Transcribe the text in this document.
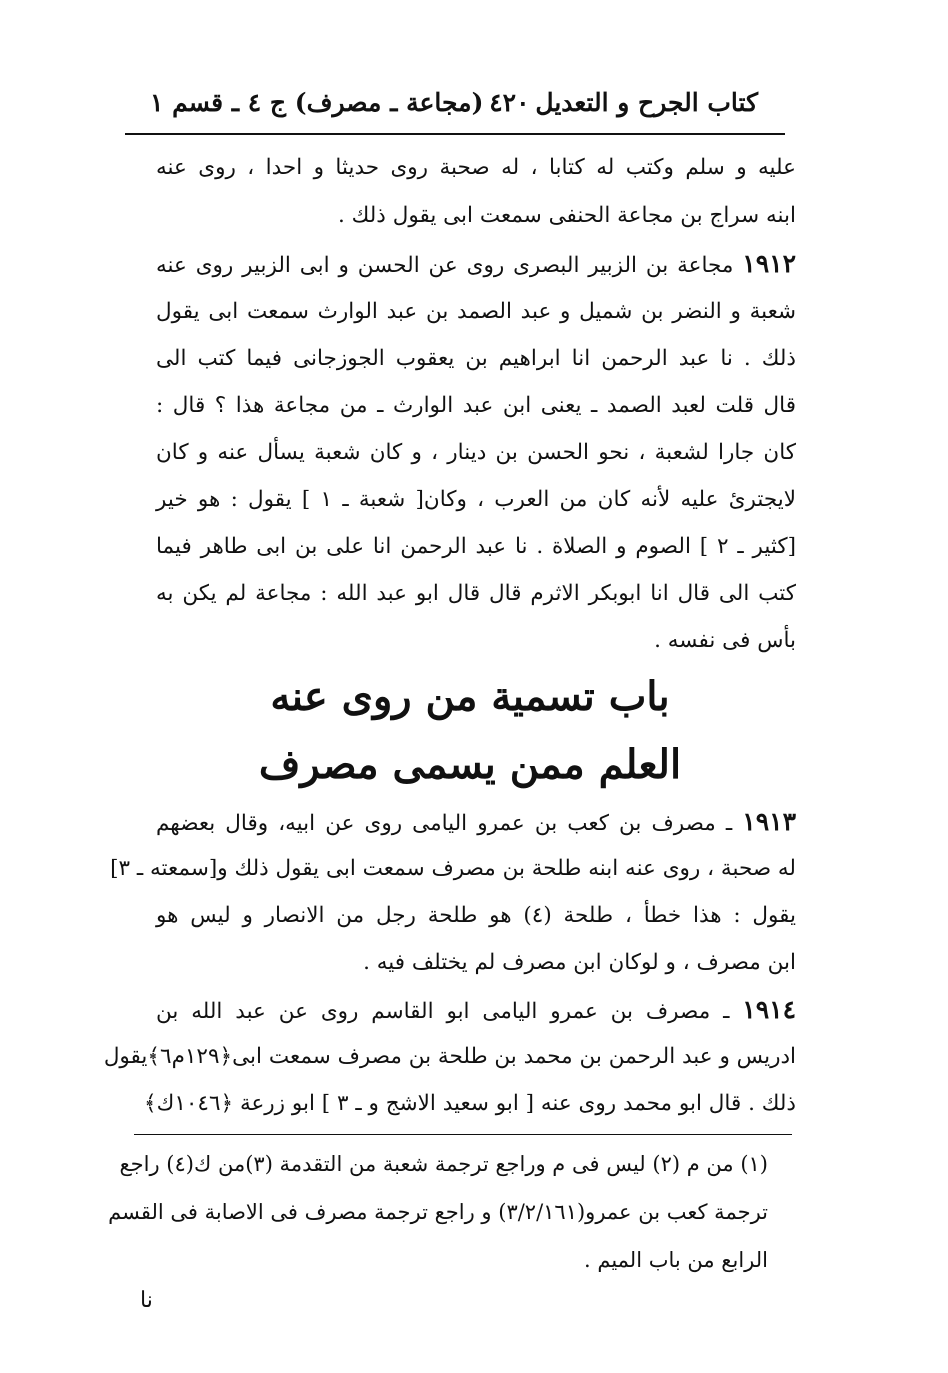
كتاب الجرح و التعديل
٤٢٠
(مجاعة ـ مصرف) ج ٤ ـ قسم ١
عليه و سلم وكتب له كتابا ، له صحبة روى حديثا و احدا ، روى عنه
ابنه سراج بن مجاعة الحنفى سمعت ابى يقول ذلك .
١٩١٢ مجاعة بن الزبير البصرى روى عن الحسن و ابى الزبير روى عنه
شعبة و النضر بن شميل و عبد الصمد بن عبد الوارث سمعت ابى يقول
ذلك . نا عبد الرحمن انا ابراهيم بن يعقوب الجوزجانى فيما كتب الى
قال قلت لعبد الصمد ـ يعنى ابن عبد الوارث ـ من مجاعة هذا ؟ قال :
كان جارا لشعبة ، نحو الحسن بن دينار ، و كان شعبة يسأل عنه و كان
لايجترئ عليه لأنه كان من العرب ، وكان[ شعبة ـ ١ ] يقول : هو خير
[كثير ـ ٢ ] الصوم و الصلاة . نا عبد الرحمن انا على بن ابى طاهر فيما
كتب الى قال انا ابوبكر الاثرم قال قال ابو عبد الله : مجاعة لم يكن به
بأس فى نفسه .
باب تسمية من روى عنه
العلم ممن يسمى مصرف
١٩١٣ ـ مصرف بن كعب بن عمرو اليامى روى عن ابيه، وقال بعضهم
له صحبة ، روى عنه ابنه طلحة بن مصرف سمعت ابى يقول ذلك و[سمعته ـ ٣]
يقول : هذا خطأ ، طلحة (٤) هو طلحة رجل من الانصار و ليس هو
ابن مصرف ، و لوكان ابن مصرف لم يختلف فيه .
١٩١٤ ـ مصرف بن عمرو اليامى ابو القاسم روى عن عبد الله بن
ادريس و عبد الرحمن بن محمد بن طلحة بن مصرف سمعت ابى﴿١٢٩م٦﴾يقول
ذلك . قال ابو محمد روى عنه [ ابو سعيد الاشج و ـ ٣ ] ابو زرعة ﴿١٠٤٦ك﴾
(١) من م (٢) ليس فى م وراجع ترجمة شعبة من التقدمة (٣)من ك(٤) راجع
ترجمة كعب بن عمرو(٣/٢/١٦١) و راجع ترجمة مصرف فى الاصابة فى القسم
الرابع من باب الميم .
نا
